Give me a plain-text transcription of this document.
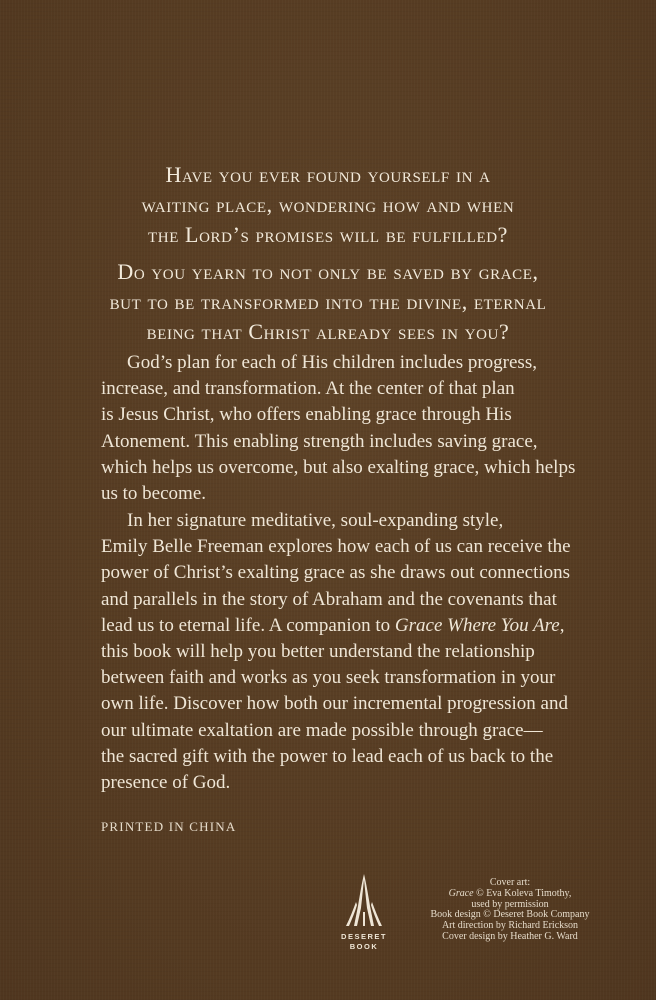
Have you ever found yourself in a
waiting place, wondering how and when
the Lord’s promises will be fulfilled?
Do you yearn to not only be saved by grace,
but to be transformed into the divine, eternal
being that Christ already sees in you?
God’s plan for each of His children includes progress,
increase, and transformation. At the center of that plan
is Jesus Christ, who offers enabling grace through His
Atonement. This enabling strength includes saving grace,
which helps us overcome, but also exalting grace, which helps
us to become.
In her signature meditative, soul-expanding style,
Emily Belle Freeman explores how each of us can receive the
power of Christ’s exalting grace as she draws out connections
and parallels in the story of Abraham and the covenants that
lead us to eternal life. A companion to Grace Where You Are,
this book will help you better understand the relationship
between faith and works as you seek transformation in your
own life. Discover how both our incremental progression and
our ultimate exaltation are made possible through grace—
the sacred gift with the power to lead each of us back to the
presence of God.
PRINTED IN CHINA
DESERET
BOOK
Cover art:
Grace © Eva Koleva Timothy,
used by permission
Book design © Deseret Book Company
Art direction by Richard Erickson
Cover design by Heather G. Ward
